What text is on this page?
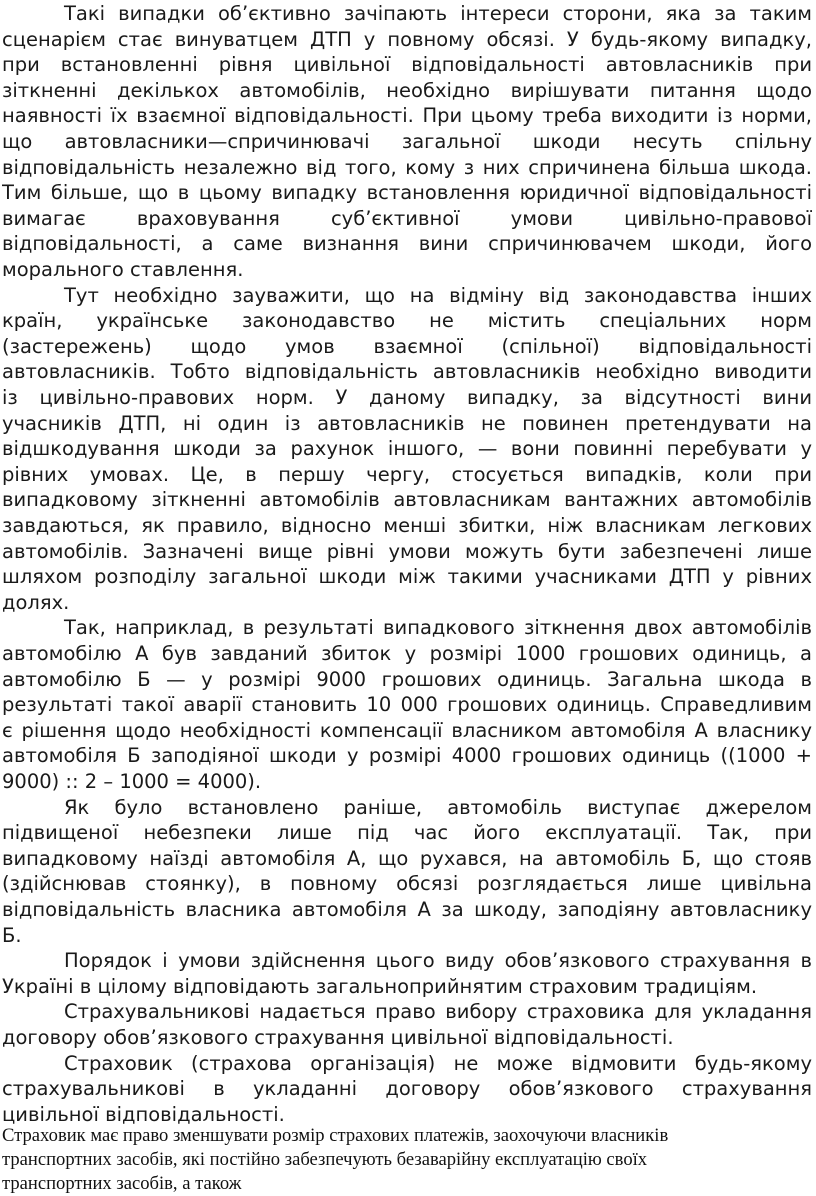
Такі випадки об’єктивно зачіпають інтереси сторони, яка за таким
сценарієм стає винуватцем ДТП у повному обсязі. У будь-якому випадку,
при встановленні рівня цивільної відповідальності автовласників при
зіткненні декількох автомобілів, необхідно вирішувати питання щодо
наявності їх взаємної відповідальності. При цьому треба виходити із норми,
що автовласники—спричинювачі загальної шкоди несуть спільну
відповідальність незалежно від того, кому з них спричинена більша шкода.
Тим більше, що в цьому випадку встановлення юридичної відповідальності
вимагає враховування суб’єктивної умови цивільно-правової
відповідальності, а саме визнання вини спричинювачем шкоди, його
морального ставлення.
Тут необхідно зауважити, що на відміну від законодавства інших
країн, українське законодавство не містить спеціальних норм
(застережень) щодо умов взаємної (спільної) відповідальності
автовласників. Тобто відповідальність автовласників необхідно виводити
із цивільно-правових норм. У даному випадку, за відсутності вини
учасників ДТП, ні один із автовласників не повинен претендувати на
відшкодування шкоди за рахунок іншого, — вони повинні перебувати у
рівних умовах. Це, в першу чергу, стосується випадків, коли при
випадковому зіткненні автомобілів автовласникам вантажних автомобілів
завдаються, як правило, відносно менші збитки, ніж власникам легкових
автомобілів. Зазначені вище рівні умови можуть бути забезпечені лише
шляхом розподілу загальної шкоди між такими учасниками ДТП у рівних
долях.
Так, наприклад, в результаті випадкового зіткнення двох автомобілів
автомобілю А був завданий збиток у розмірі 1000 грошових одиниць, а
автомобілю Б — у розмірі 9000 грошових одиниць. Загальна шкода в
результаті такої аварії становить 10 000 грошових одиниць. Справедливим
є рішення щодо необхідності компенсації власником автомобіля А власнику
автомобіля Б заподіяної шкоди у розмірі 4000 грошових одиниць ((1000 +
9000) :: 2 – 1000 = 4000).
Як було встановлено раніше, автомобіль виступає джерелом
підвищеної небезпеки лише під час його експлуатації. Так, при
випадковому наїзді автомобіля А, що рухався, на автомобіль Б, що стояв
(здійснював стоянку), в повному обсязі розглядається лише цивільна
відповідальність власника автомобіля А за шкоду, заподіяну автовласнику
Б.
Порядок і умови здійснення цього виду обов’язкового страхування в
Україні в цілому відповідають загальноприйнятим страховим традиціям.
Страхувальникові надається право вибору страховика для укладання
договору обов’язкового страхування цивільної відповідальності.
Страховик (страхова організація) не може відмовити будь-якому
страхувальникові в укладанні договору обов’язкового страхування
цивільної відповідальності.
Страховик має право зменшувати розмір страхових платежів, заохочуючи власників
транспортних засобів, які постійно забезпечують безаварійну експлуатацію своїх
транспортних засобів, а також
